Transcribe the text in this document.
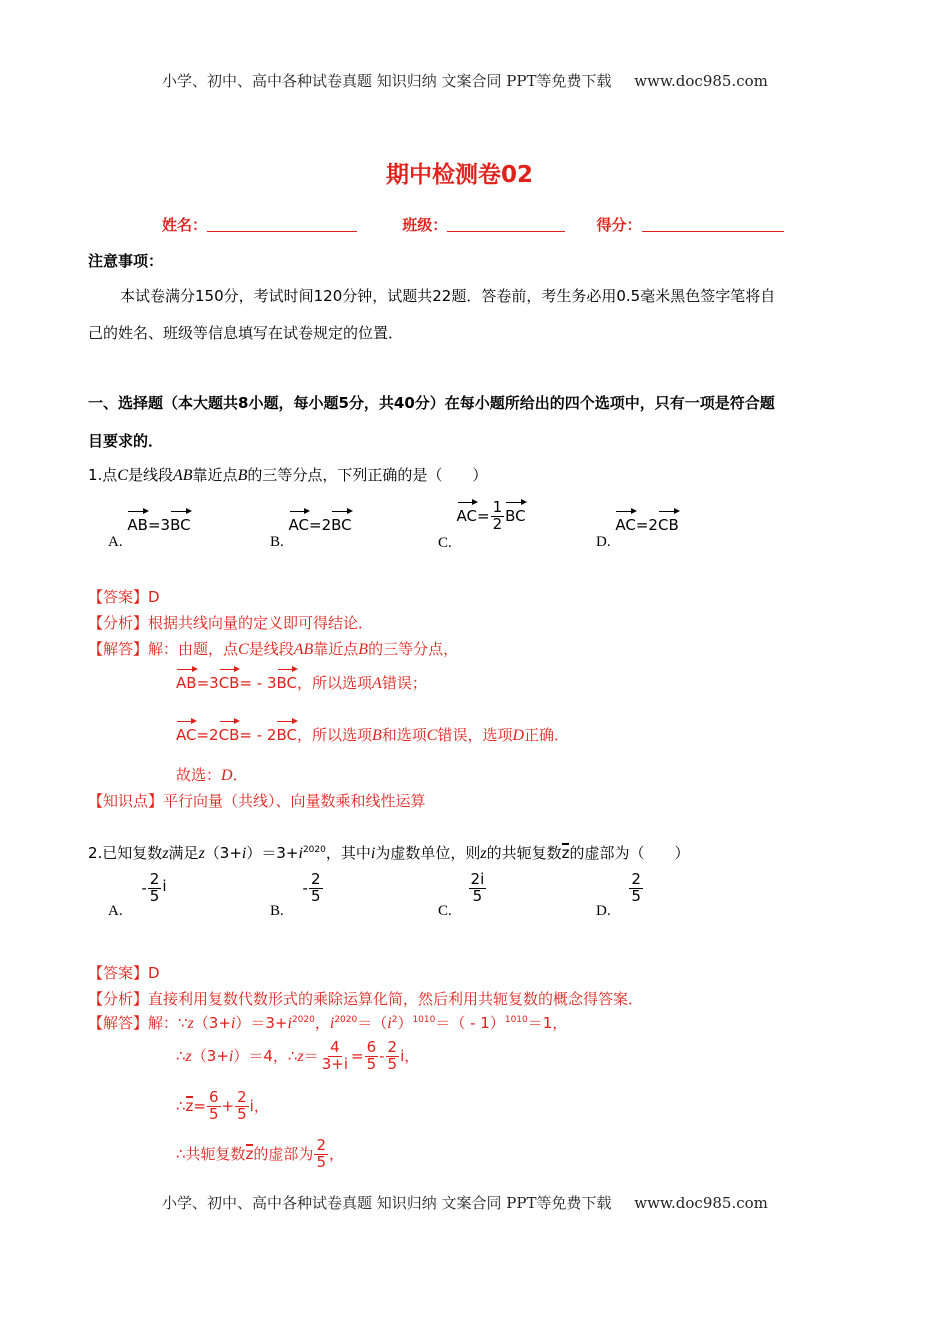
小学、初中、高中各种试卷真题 知识归纳 文案合同 PPT等免费下载 www.doc985.com
期中检测卷02
姓名：	班级：	得分：
注意事项：
本试卷满分150分，考试时间120分钟，试题共22题．答卷前，考生务必用0.5毫米黑色签字笔将自
己的姓名、班级等信息填写在试卷规定的位置．
一、选择题（本大题共8小题，每小题5分，共40分）在每小题所给出的四个选项中，只有一项是符合题
目要求的．
1.点C是线段AB靠近点B的三等分点，下列正确的是（　　）
A. AB=3BC
B. AC=2BC
C. $AC= \frac{1}{2}$ BC
D. AC=2CB
【答案】D
【分析】根据共线向量的定义即可得结论．
【解答】解：由题，点C是线段AB靠近点B的三等分点，
AB=3CB= - 3BC，所以选项A错误；
AC=2CB= - 2BC，所以选项B和选项C错误，选项D正确．
故选：D．
【知识点】平行向量（共线）、向量数乘和线性运算
2.已知复数z满足$z(3+i)=3+i^{2020}$，其中i为虚数单位，则z的共轭复数z的虚部为（　　）
A. - $\frac{2}{5}$ i
B. - $\frac{2}{5}$
C.
$\frac{2i}{5}$
D.
$\frac{2}{5}$
【答案】D
【分析】直接利用复数代数形式的乘除运算化简，然后利用共轭复数的概念得答案．
【解答】解：$\because z(3+i)=3+i^{2020}$，$i^{2020}=(i^2)^{1010}=( - 1)^{1010}=1$，
∴z（3+i）＝4，∴z＝ $\frac{4}{3+i} = \frac{6}{5} - \frac{2}{5}$ i，
∴z= $\frac{6}{5} + \frac{2}{5}$ i，
∴共轭复数z的虚部为 $\frac{2}{5}$ ，
小学、初中、高中各种试卷真题 知识归纳 文案合同 PPT等免费下载 www.doc985.com
